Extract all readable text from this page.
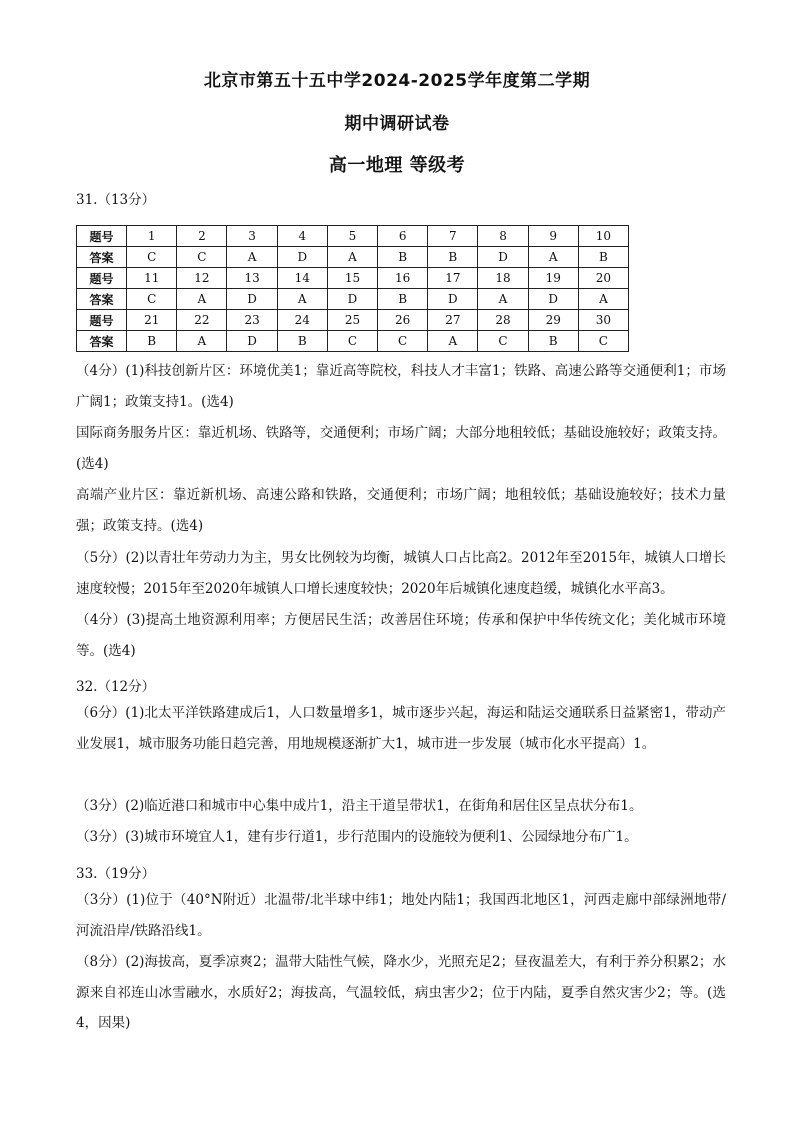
北京市第五十五中学2024-2025学年度第二学期
期中调研试卷
高一地理 等级考
31.（13分）
题号	1	2	3	4	5	6	7	8	9	10
答案	C	C	A	D	A	B	B	D	A	B
题号	11	12	13	14	15	16	17	18	19	20
答案	C	A	D	A	D	B	D	A	D	A
题号	21	22	23	24	25	26	27	28	29	30
答案	B	A	D	B	C	C	A	C	B	C
（4分）(1)科技创新片区：环境优美1；靠近高等院校，科技人才丰富1；铁路、高速公路等交通便利1；市场广阔1；政策支持1。(选4)
国际商务服务片区：靠近机场、铁路等，交通便利；市场广阔；大部分地租较低；基础设施较好；政策支持。(选4)
高端产业片区：靠近新机场、高速公路和铁路，交通便利；市场广阔；地租较低；基础设施较好；技术力量强；政策支持。(选4)
（5分）(2)以青壮年劳动力为主，男女比例较为均衡，城镇人口占比高2。2012年至2015年，城镇人口增长速度较慢；2015年至2020年城镇人口增长速度较快；2020年后城镇化速度趋缓，城镇化水平高3。
（4分）(3)提高土地资源利用率；方便居民生活；改善居住环境；传承和保护中华传统文化；美化城市环境等。(选4)
32.（12分）
（6分）(1)北太平洋铁路建成后1，人口数量增多1，城市逐步兴起，海运和陆运交通联系日益紧密1，带动产业发展1，城市服务功能日趋完善，用地规模逐渐扩大1，城市进一步发展（城市化水平提高）1。
（3分）(2)临近港口和城市中心集中成片1，沿主干道呈带状1，在街角和居住区呈点状分布1。
（3分）(3)城市环境宜人1，建有步行道1，步行范围内的设施较为便利1、公园绿地分布广1。
33.（19分）
（3分）(1)位于（40°N附近）北温带/北半球中纬1；地处内陆1；我国西北地区1，河西走廊中部绿洲地带/河流沿岸/铁路沿线1。
（8分）(2)海拔高，夏季凉爽2；温带大陆性气候，降水少，光照充足2；昼夜温差大，有利于养分积累2；水源来自祁连山冰雪融水，水质好2；海拔高，气温较低，病虫害少2；位于内陆，夏季自然灾害少2；等。(选4，因果)
